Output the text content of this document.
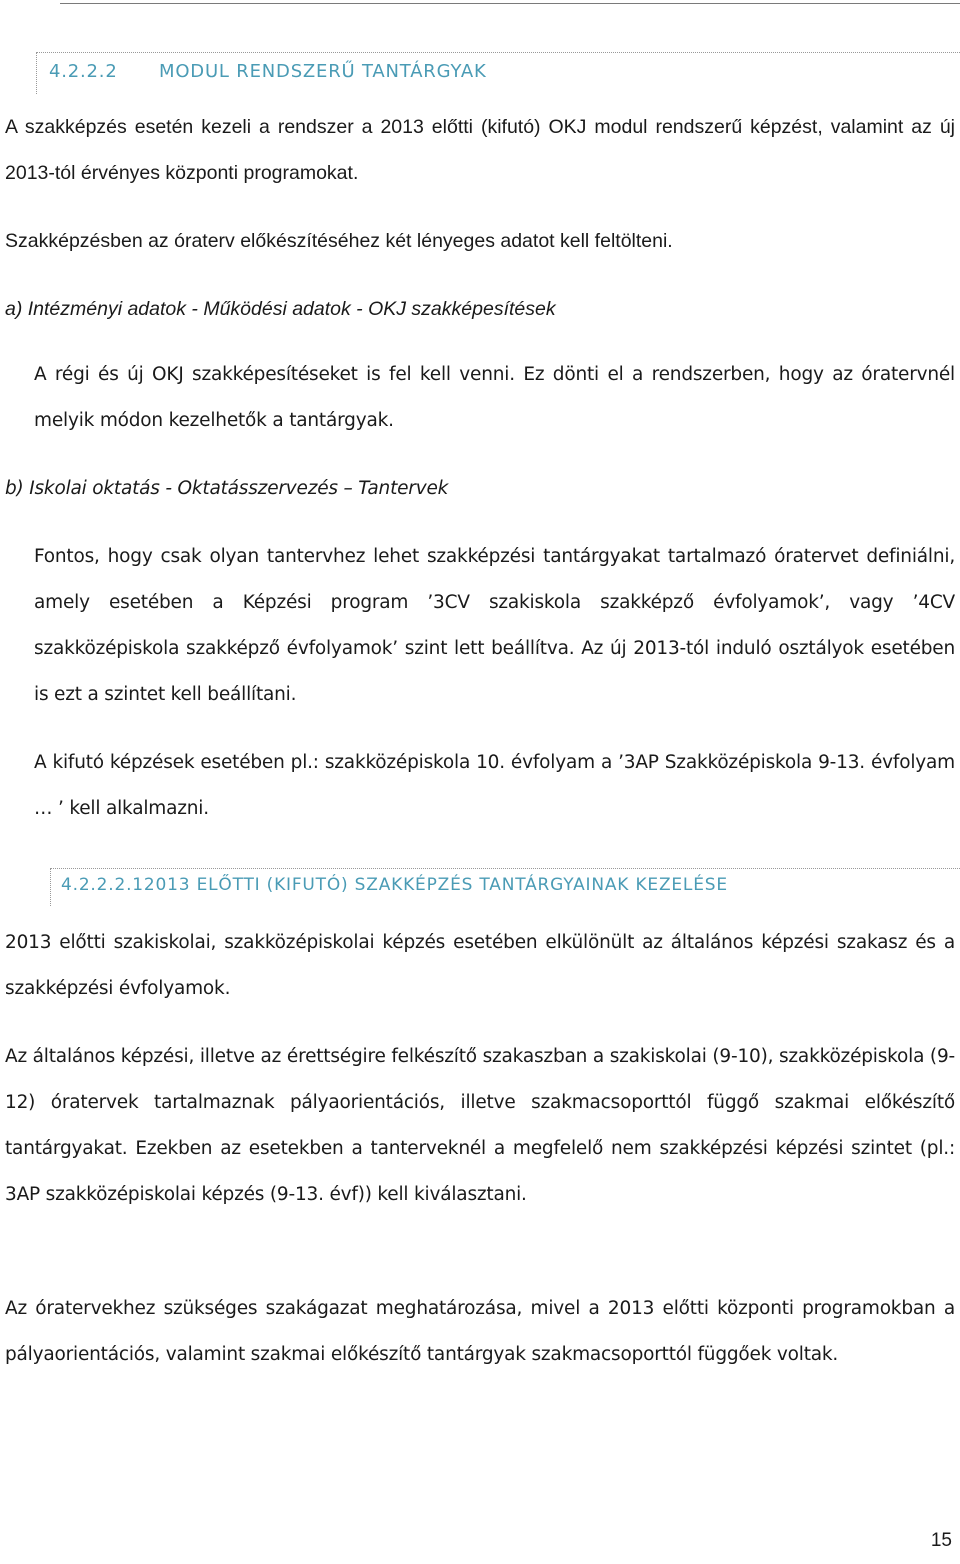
4.2.2.2 MODUL RENDSZERŰ TANTÁRGYAK
A szakképzés esetén kezeli a rendszer a 2013 előtti (kifutó) OKJ modul rendszerű képzést, valamint az új 2013-tól érvényes központi programokat.
Szakképzésben az óraterv előkészítéséhez két lényeges adatot kell feltölteni.
a) Intézményi adatok - Működési adatok - OKJ szakképesítések
A régi és új OKJ szakképesítéseket is fel kell venni. Ez dönti el a rendszerben, hogy az óratervnél melyik módon kezelhetők a tantárgyak.
b) Iskolai oktatás - Oktatásszervezés – Tantervek
Fontos, hogy csak olyan tantervhez lehet szakképzési tantárgyakat tartalmazó óratervet definiálni, amely esetében a Képzési program ’3CV szakiskola szakképző évfolyamok’, vagy ’4CV szakközépiskola szakképző évfolyamok’ szint lett beállítva. Az új 2013-tól induló osztályok esetében is ezt a szintet kell beállítani.
A kifutó képzések esetében pl.: szakközépiskola 10. évfolyam a ’3AP Szakközépiskola 9-13. évfolyam … ’ kell alkalmazni.
4.2.2.2.12013 ELŐTTI (KIFUTÓ) SZAKKÉPZÉS TANTÁRGYAINAK KEZELÉSE
2013 előtti szakiskolai, szakközépiskolai képzés esetében elkülönült az általános képzési szakasz és a szakképzési évfolyamok.
Az általános képzési, illetve az érettségire felkészítő szakaszban a szakiskolai (9-10), szakközépiskola (9-12) óratervek tartalmaznak pályaorientációs, illetve szakmacsoporttól függő szakmai előkészítő tantárgyakat. Ezekben az esetekben a tanterveknél a megfelelő nem szakképzési képzési szintet (pl.: 3AP szakközépiskolai képzés (9-13. évf)) kell kiválasztani.
Az óratervekhez szükséges szakágazat meghatározása, mivel a 2013 előtti központi programokban a pályaorientációs, valamint szakmai előkészítő tantárgyak szakmacsoporttól függőek voltak.
15
